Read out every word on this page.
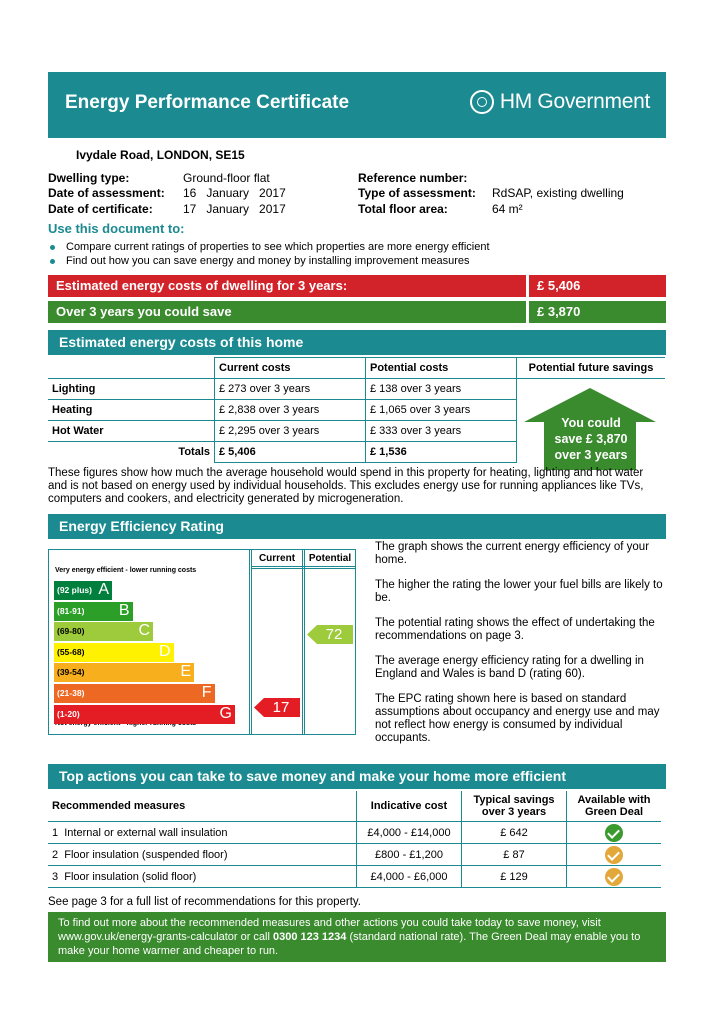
Energy Performance Certificate	HM Government
Ivydale Road, LONDON, SE15
Dwelling type:	Ground-floor flat
Date of assessment: 16   January   2017
Date of certificate:	17   January   2017
Reference number:
Type of assessment: RdSAP, existing dwelling
Total floor area:	64 m²
Use this document to:
Compare current ratings of properties to see which properties are more energy efficient
Find out how you can save energy and money by installing improvement measures
Estimated energy costs of dwelling for 3 years:	£ 5,406
Over 3 years you could save	£ 3,870
Estimated energy costs of this home
	Current costs	Potential costs	Potential future savings
Lighting	£ 273 over 3 years	£ 138 over 3 years	You could
save £ 3,870
over 3 years

Heating	£ 2,838 over 3 years	£ 1,065 over 3 years	
Hot Water	£ 2,295 over 3 years	£ 333 over 3 years	
Totals	£ 5,406	£ 1,536	
These figures show how much the average household would spend in this property for heating, lighting and hot water and is not based on energy used by individual households. This excludes energy use for running appliances like TVs, computers and cookers, and electricity generated by microgeneration.
Energy Efficiency Rating
Current	Potential
Very energy efficient - lower running costs
(92 plus) A
(81-91) B
(69-80)	C
(55-68)	D
(39-54)	E
(21-38)	F
(1-20)	G	17
72
The graph shows the current energy efficiency of your home.
The higher the rating the lower your fuel bills are likely to be.
The potential rating shows the effect of undertaking the recommendations on page 3.
The average energy efficiency rating for a dwelling in England and Wales is band D (rating 60).
The EPC rating shown here is based on standard assumptions about occupancy and energy use and may not reflect how energy is consumed by individual occupants.
Top actions you can take to save money and make your home more efficient
Recommended measures	Indicative cost	Typical savings over 3 years	Available with Green Deal
1 Internal or external wall insulation	£4,000 - £14,000	£ 642	

2 Floor insulation (suspended floor)	£800 - £1,200	£ 87	

3 Floor insulation (solid floor)	£4,000 - £6,000	£ 129	
See page 3 for a full list of recommendations for this property.
To find out more about the recommended measures and other actions you could take today to save money, visit www.gov.uk/energy-grants-calculator or call 0300 123 1234 (standard national rate). The Green Deal may enable you to make your home warmer and cheaper to run.
